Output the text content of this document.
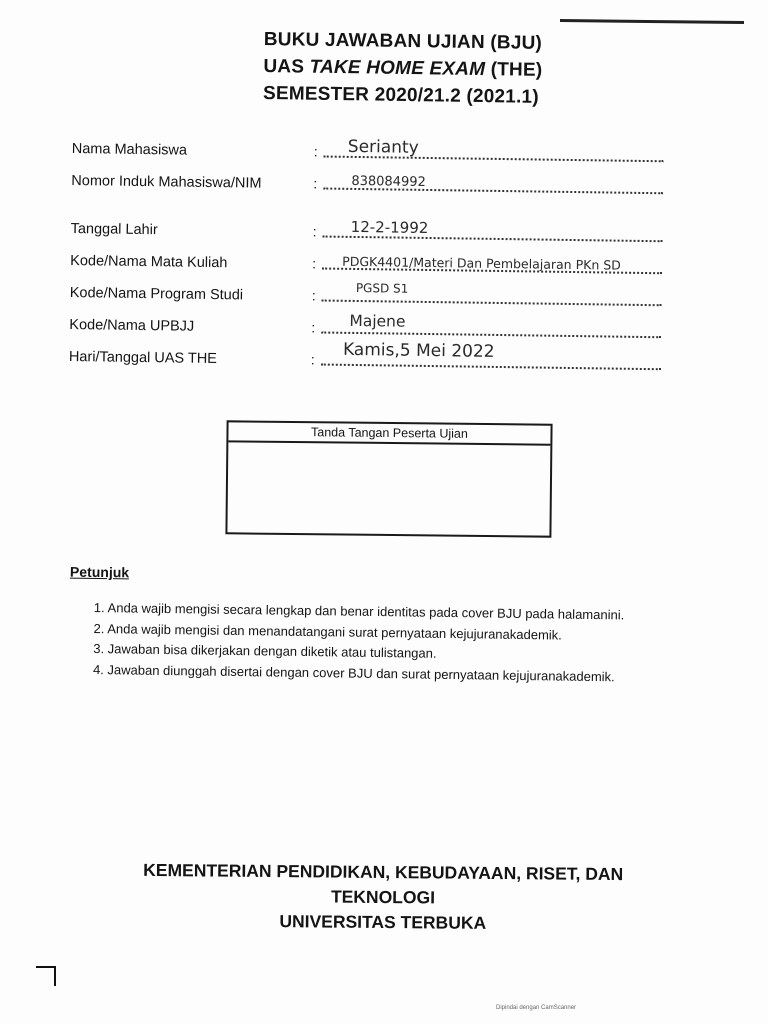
BUKU JAWABAN UJIAN (BJU)
UAS TAKE HOME EXAM (THE)
SEMESTER 2020/21.2 (2021.1)
Nama Mahasiswa	: Serianty
Nomor Induk Mahasiswa/NIM	:	838084992
Tanggal Lahir	: 12-2-1992
Kode/Nama Mata Kuliah	: PDGK4401/Materi Dan Pembelajaran PKn SD
Kode/Nama Program Studi	:	PGSD S1
Kode/Nama UPBJJ	: Majene
Hari/Tanggal UAS THE	: Kamis,5 Mei 2022
Tanda Tangan Peserta Ujian
Petunjuk
1. Anda wajib mengisi secara lengkap dan benar identitas pada cover BJU pada halamanini.
2. Anda wajib mengisi dan menandatangani surat pernyataan kejujuranakademik.
3. Jawaban bisa dikerjakan dengan diketik atau tulistangan.
4. Jawaban diunggah disertai dengan cover BJU dan surat pernyataan kejujuranakademik.
KEMENTERIAN PENDIDIKAN, KEBUDAYAAN, RISET, DAN
TEKNOLOGI
UNIVERSITAS TERBUKA
Dipindai dengan CamScanner
